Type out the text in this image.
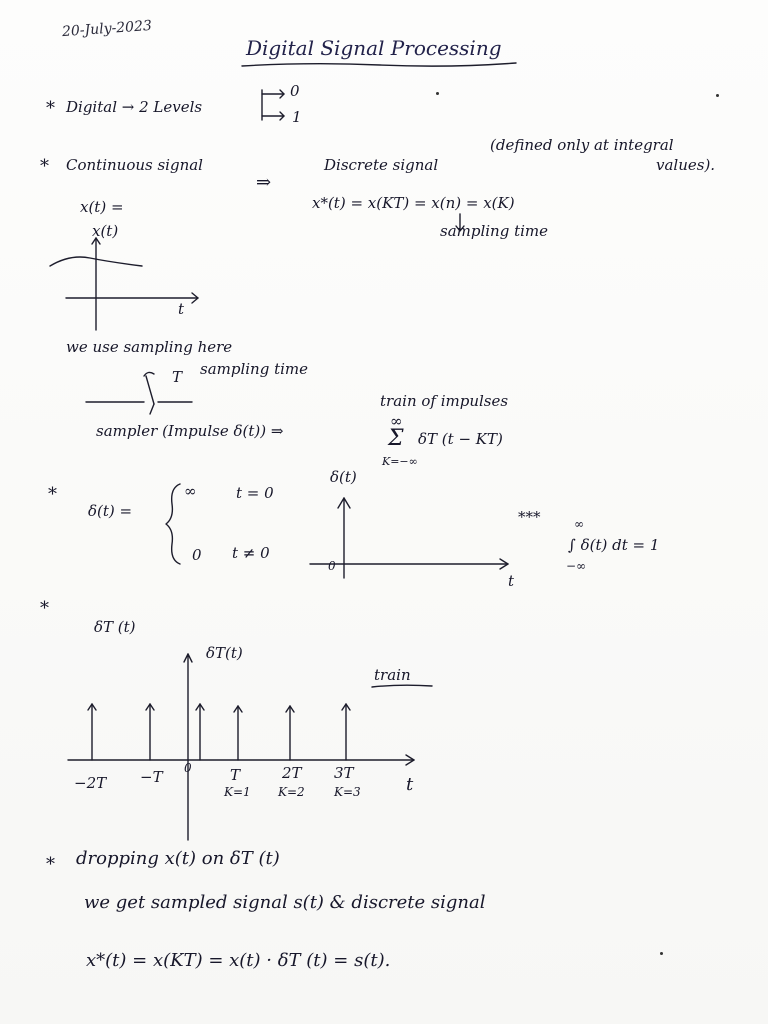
20-July-2023
Digital Signal Processing
* Digital → 2 Levels
0
1
* Continuous signal
⇒
Discrete signal
(defined only at integral
values).
x(t) =	x*(t) = x(KT) = x(n) = x(K)
sampling time
x(t)
t
we use sampling here
T sampling time
sampler (Impulse δ(t)) ⇒
train of impulses
∞
Σ δT (t − KT)
K=−∞
*
δ(t) =
∞	t = 0
0 t ≠ 0
δ(t)
0
t
***	∞
∫ δ(t) dt = 1
−∞
*
δT (t)
δT(t)
train
0
−2T −T	T	2T 3T
K=1 K=2 K=3	t
* dropping x(t) on δT (t)
we get sampled signal s(t) & discrete signal
x*(t) = x(KT) = x(t) · δT (t) = s(t).
